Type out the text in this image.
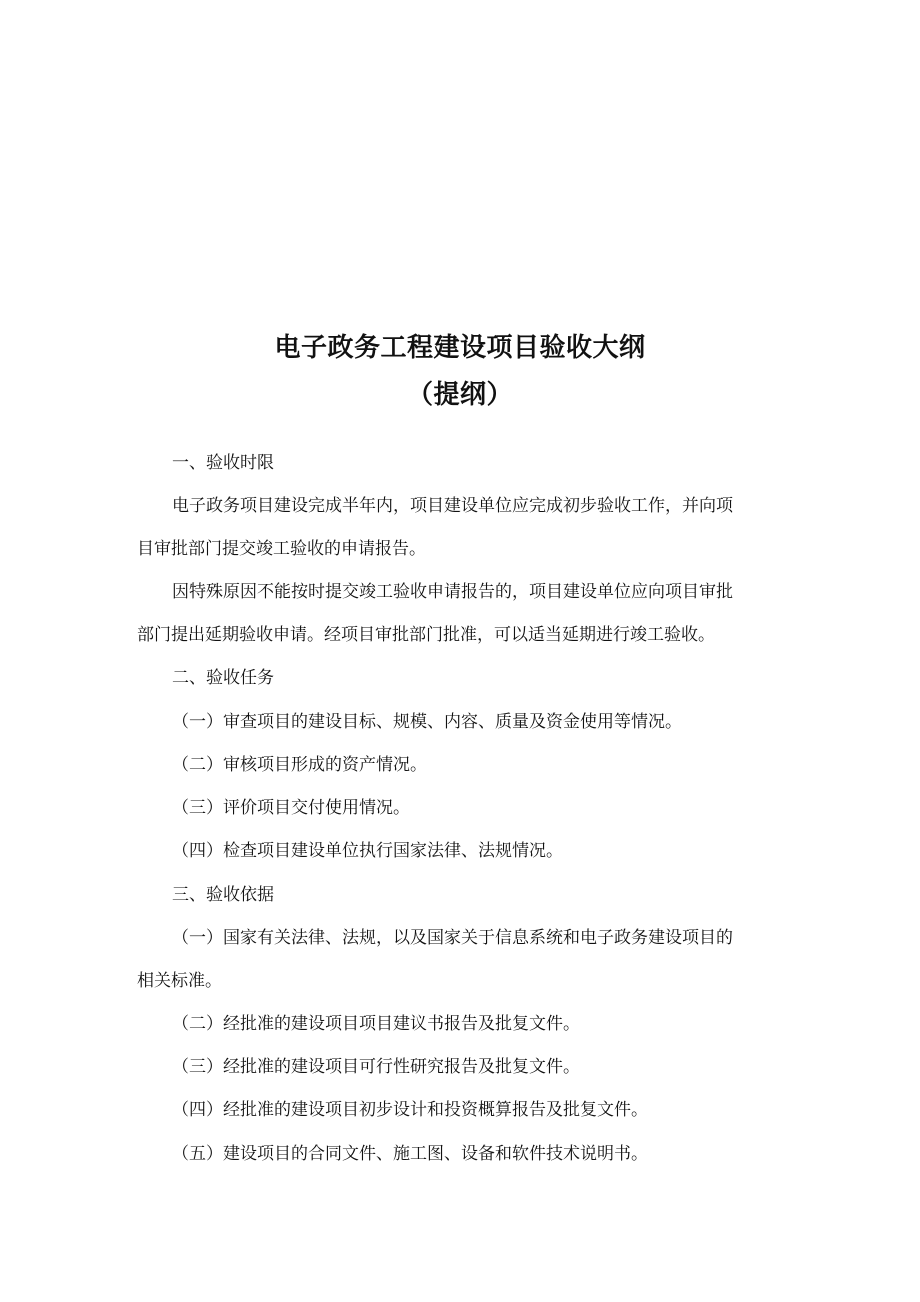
电子政务工程建设项目验收大纲
（提纲）
一、验收时限
电子政务项目建设完成半年内，项目建设单位应完成初步验收工作，并向项
目审批部门提交竣工验收的申请报告。
因特殊原因不能按时提交竣工验收申请报告的，项目建设单位应向项目审批
部门提出延期验收申请。经项目审批部门批准，可以适当延期进行竣工验收。
二、验收任务
（一）审查项目的建设目标、规模、内容、质量及资金使用等情况。
（二）审核项目形成的资产情况。
（三）评价项目交付使用情况。
（四）检查项目建设单位执行国家法律、法规情况。
三、验收依据
（一）国家有关法律、法规，以及国家关于信息系统和电子政务建设项目的
相关标准。
（二）经批准的建设项目项目建议书报告及批复文件。
（三）经批准的建设项目可行性研究报告及批复文件。
（四）经批准的建设项目初步设计和投资概算报告及批复文件。
（五）建设项目的合同文件、施工图、设备和软件技术说明书。
